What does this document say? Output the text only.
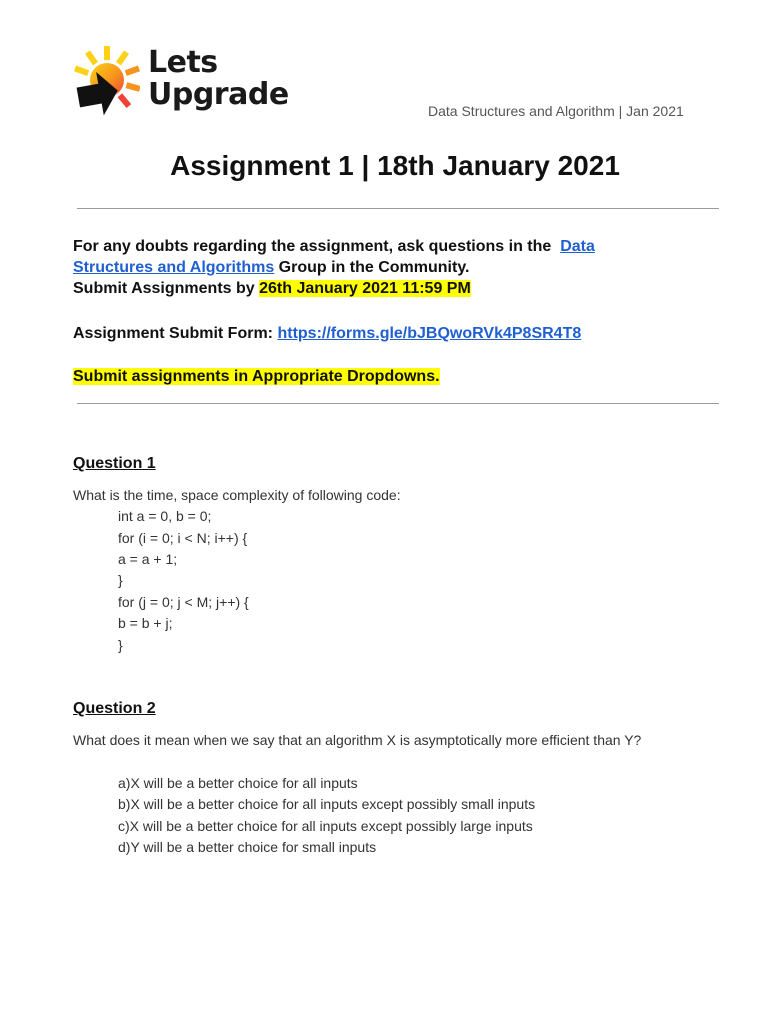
Lets
Upgrade	Data Structures and Algorithm | Jan 2021
Assignment 1 | 18th January 2021
For any doubts regarding the assignment, ask questions in the Data
Structures and Algorithms Group in the Community.
Submit Assignments by 26th January 2021 11:59 PM
Assignment Submit Form: https://forms.gle/bJBQwoRVk4P8SR4T8
Submit assignments in Appropriate Dropdowns.
Question 1
What is the time, space complexity of following code:
int a = 0, b = 0;
for (i = 0; i < N; i++) {
a = a + 1;
}
for (j = 0; j < M; j++) {
b = b + j;
}
Question 2
What does it mean when we say that an algorithm X is asymptotically more efficient than Y?
a)X will be a better choice for all inputs
b)X will be a better choice for all inputs except possibly small inputs
c)X will be a better choice for all inputs except possibly large inputs
d)Y will be a better choice for small inputs
